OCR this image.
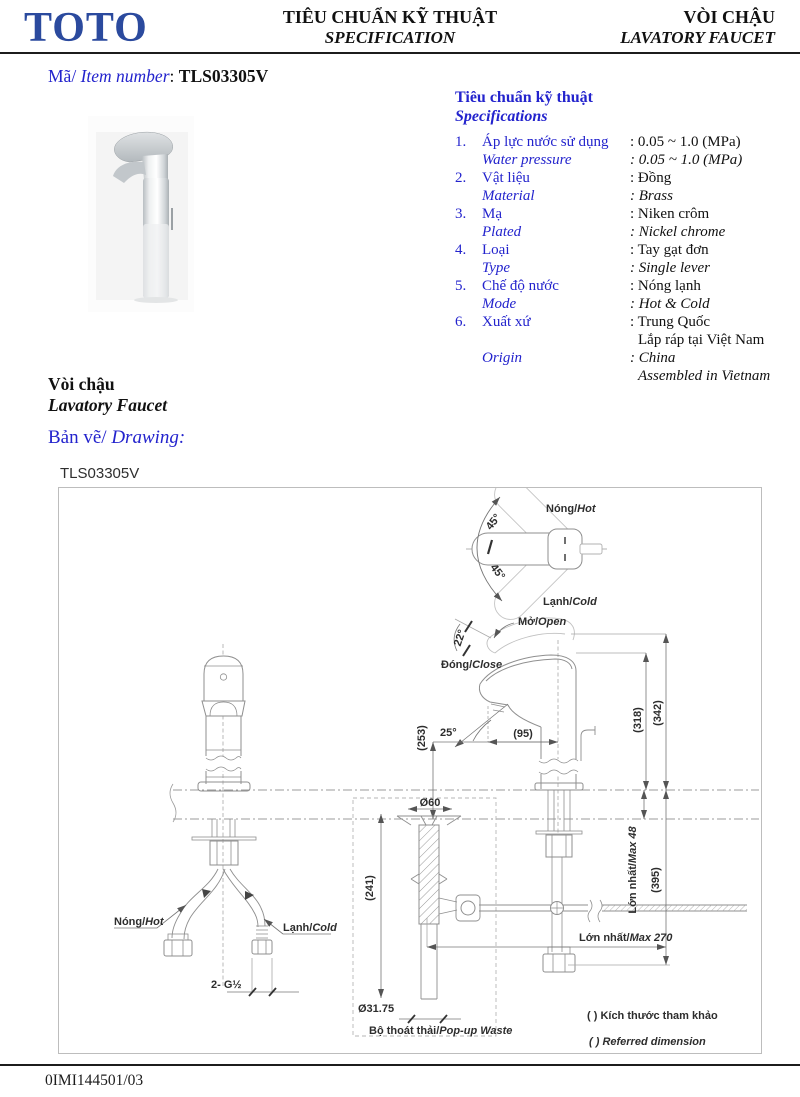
TOTO	TIÊU CHUẨN KỸ THUẬT
SPECIFICATION
VÒI CHẬU
LAVATORY FAUCET
Mã/ Item number: TLS03305V
Tiêu chuẩn kỹ thuật
Specifications
1.	Áp lực nước sử dụng	: 0.05 ~ 1.0 (MPa)
Water pressure	: 0.05 ~ 1.0 (MPa)
2.	Vật liệu	: Đồng
Material	: Brass
3.	Mạ	: Niken crôm
Plated	: Nickel chrome
4.	Loại	: Tay gạt đơn
Type	: Single lever
5.	Chế độ nước	: Nóng lạnh
Mode	: Hot & Cold
6.	Xuất xứ	: Trung Quốc
Lắp ráp tại Việt Nam
Origin	: China
Assembled in Vietnam
Vòi chậu
Lavatory Faucet
Bản vẽ/ Drawing:
TLS03305V
45°
45°
Nóng/Hot
Lạnh/Cold
Mở/Open
Đóng/Close
22°
25°	(95)
(253)
(318) (342)
Nóng/Hot	Lạnh/Cold
2- G½
Ø60
(241)
Ø31.75
Bộ thoát thải/Pop-up Waste
Lớn nhất/Max 48
(395)
Lớn nhất/Max 270
( ) Kích thước tham khảo
( ) Referred dimension
0IMI144501/03
